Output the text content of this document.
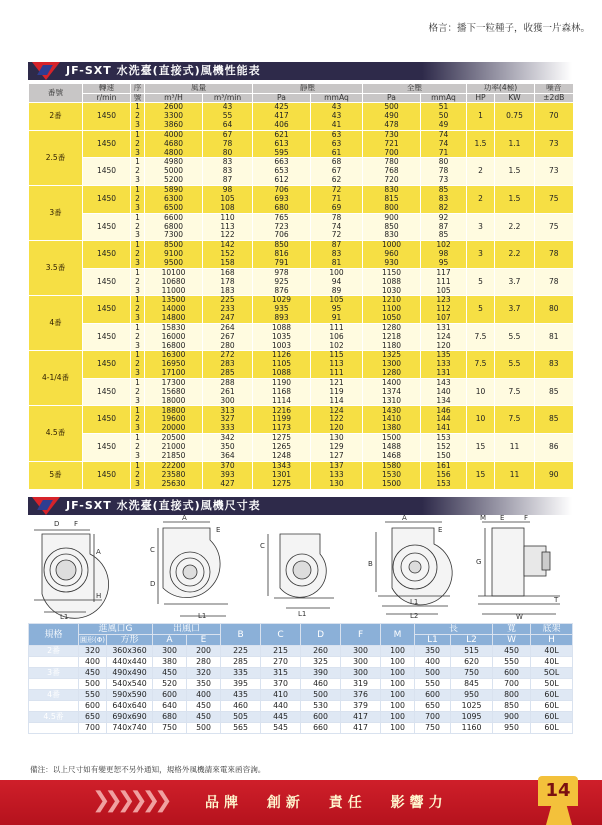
格言：播下一粒種子，收獲一片森林。
JF-SXT 水洗臺(直接式)風機性能表
番號	轉速	序	風量		靜壓		全壓		功率(4極)		噪音
	r/min	號	m³/H	m³/min	Pa	mmAq	Pa	mmAq	HP	KW	±2dB
2番	1450	1	2600	43	425	43	500	51	1	0.75	70
		2	3300	55	417	43	490	50			
		3	3860	64	406	41	478	49			
2.5番	1450	1	4000	67	621	63	730	74	1.5	1.1	73
		2	4680	78	613	63	721	74			
		3	4800	80	595	61	700	71			
	1450	1	4980	83	663	68	780	80	2	1.5	73
		2	5000	83	653	67	768	78			
		3	5200	87	612	62	720	73			
3番	1450	1	5890	98	706	72	830	85	2	1.5	75
		2	6300	105	693	71	815	83			
		3	6500	108	680	69	800	82			
	1450	1	6600	110	765	78	900	92	3	2.2	75
		2	6800	113	723	74	850	87			
		3	7300	122	706	72	830	85			
3.5番	1450	1	8500	142	850	87	1000	102	3	2.2	78
		2	9100	152	816	83	960	98			
		3	9500	158	791	81	930	95			
	1450	1	10100	168	978	100	1150	117	5	3.7	78
		2	10680	178	925	94	1088	111			
		3	11000	183	876	89	1030	105			
4番	1450	1	13500	225	1029	105	1210	123	5	3.7	80
		2	14000	233	935	95	1100	112			
		3	14800	247	893	91	1050	107			
	1450	1	15830	264	1088	111	1280	131	7.5	5.5	81
		2	16000	267	1035	106	1218	124			
		3	16800	280	1003	102	1180	120			
4-1/4番	1450	1	16300	272	1126	115	1325	135	7.5	5.5	83
		2	16950	283	1105	113	1300	133			
		3	17100	285	1088	111	1280	131			
	1450	1	17300	288	1190	121	1400	143	10	7.5	85
		2	15680	261	1168	119	1374	140			
		3	18000	300	1114	114	1310	134			
4.5番	1450	1	18800	313	1216	124	1430	146	10	7.5	85
		2	19600	327	1199	122	1410	144			
		3	20000	333	1173	120	1380	141			
	1450	1	20500	342	1275	130	1500	153	15	11	86
		2	21000	350	1265	129	1488	152			
		3	21850	364	1248	127	1468	150			
5番	1450	1	22200	370	1343	137	1580	161	15	11	90
		2	23580	393	1301	133	1530	156			
		3	25630	427	1275	130	1500	153			
JF-SXT 水洗臺(直接式)風機尺寸表
D F
A
H
L1
A
C
D
E
L1
C
L1
A
E
B
L1
L2
M E	F
G
T
W
規格	進風口G		出風口		B	C	D	F	M	長		寬	底架
	圓形(Φ)	方形	A	E						L1	L2	W	H
2番	320	360x360	300	200	225	215	260	300	100	350	515	450	40L
2.5番	400	440x440	380	280	285	270	325	300	100	400	620	550	40L
3番	450	490x490	450	320	335	315	390	300	100	500	750	600	5OL
3.5番	500	540x540	520	350	395	370	460	319	100	550	845	700	50L
4番	550	590x590	600	400	435	410	500	376	100	600	950	800	60L
4-1/4番	600	640x640	640	450	460	440	530	379	100	650	1025	850	60L
4.5番	650	690x690	680	450	505	445	600	417	100	700	1095	900	60L
5番	700	740x740	750	500	565	545	660	417	100	750	1160	950	60L
備注：以上尺寸如有變更恕不另外通知，規格外風機請來電來函咨詢。
❯❯❯❯❯❯	品牌 創新 責任 影響力
14
